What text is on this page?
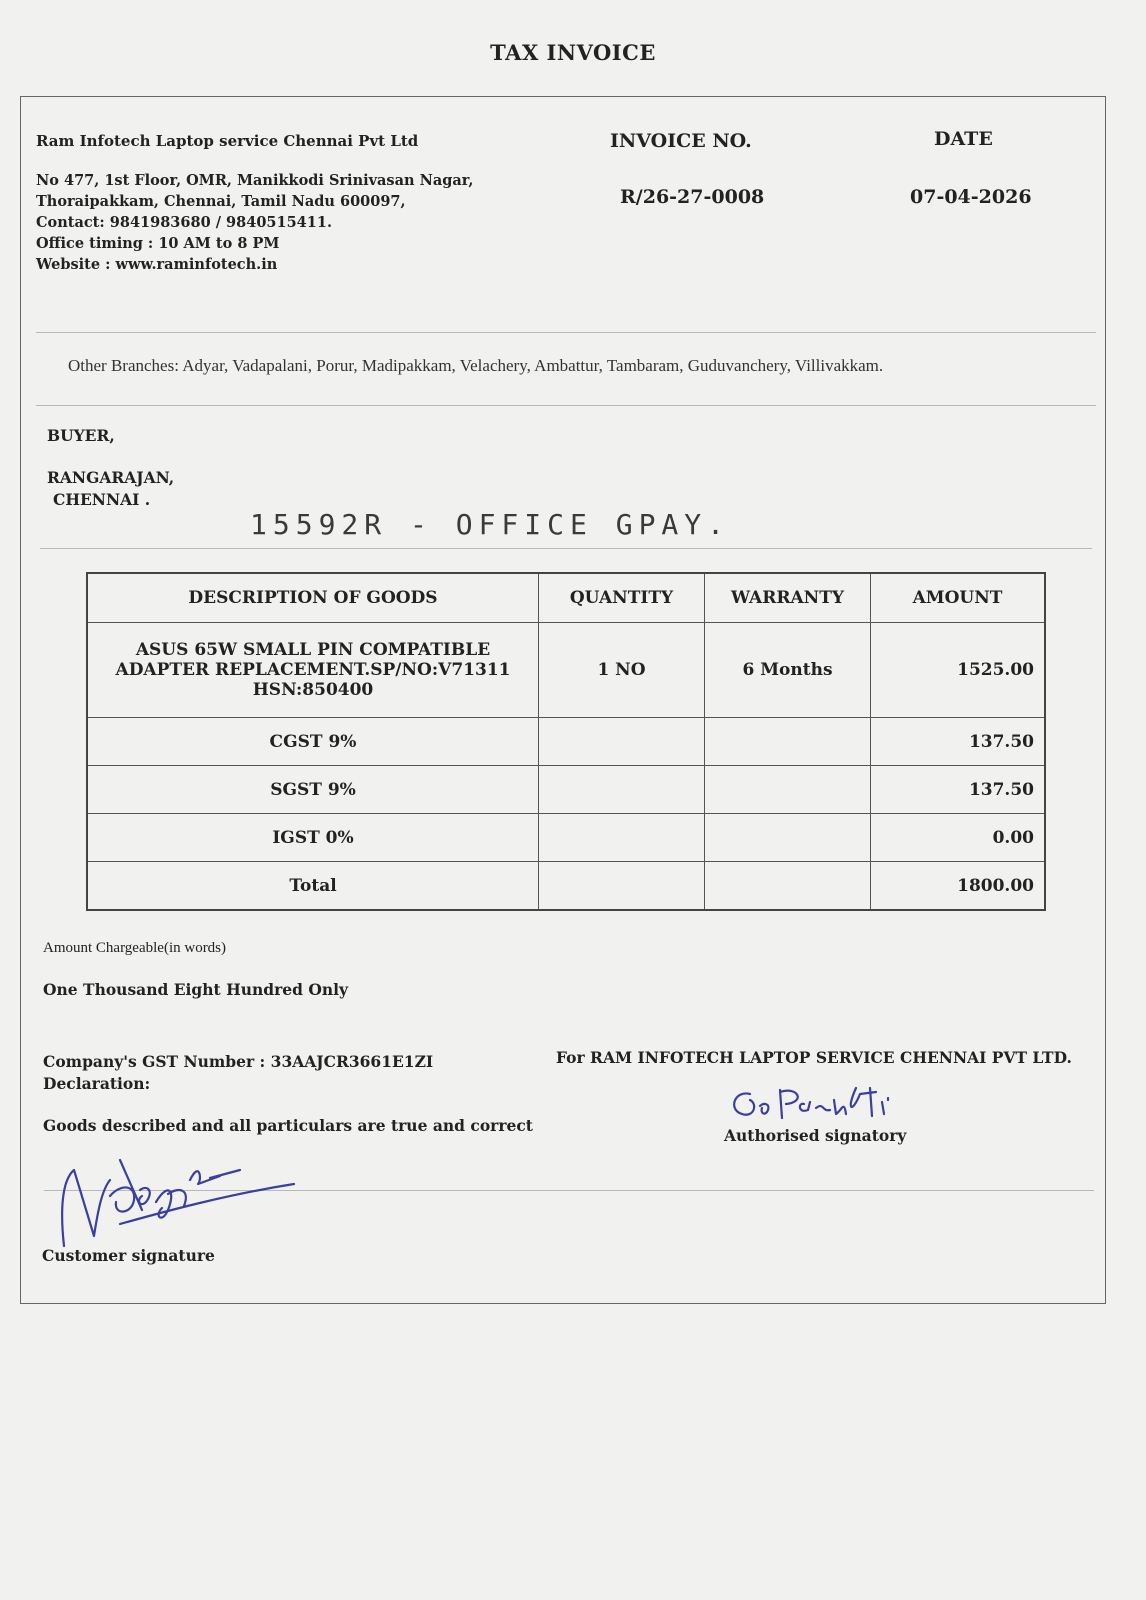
TAX INVOICE
Ram Infotech Laptop service Chennai Pvt Ltd
No 477, 1st Floor, OMR, Manikkodi Srinivasan Nagar,
Thoraipakkam, Chennai, Tamil Nadu 600097,
Contact: 9841983680 / 9840515411.
Office timing : 10 AM to 8 PM
Website : www.raminfotech.in
INVOICE NO.
R/26-27-0008
DATE
07-04-2026
Other Branches: Adyar, Vadapalani, Porur, Madipakkam, Velachery, Ambattur, Tambaram, Guduvanchery, Villivakkam.
BUYER,
RANGARAJAN,
CHENNAI .
15592R - OFFICE GPAY.
DESCRIPTION OF GOODS	QUANTITY	WARRANTY	AMOUNT

ASUS 65W SMALL PIN COMPATIBLE
ADAPTER REPLACEMENT.SP/NO:V71311
HSN:850400	1 NO	6 Months	1525.00
CGST 9%			137.50
SGST 9%			137.50
IGST 0%			0.00
Total			1800.00
Amount Chargeable(in words)
One Thousand Eight Hundred Only
Company's GST Number : 33AAJCR3661E1ZI
Declaration:
Goods described and all particulars are true and correct
For RAM INFOTECH LAPTOP SERVICE CHENNAI PVT LTD.
Authorised signatory
Customer signature
